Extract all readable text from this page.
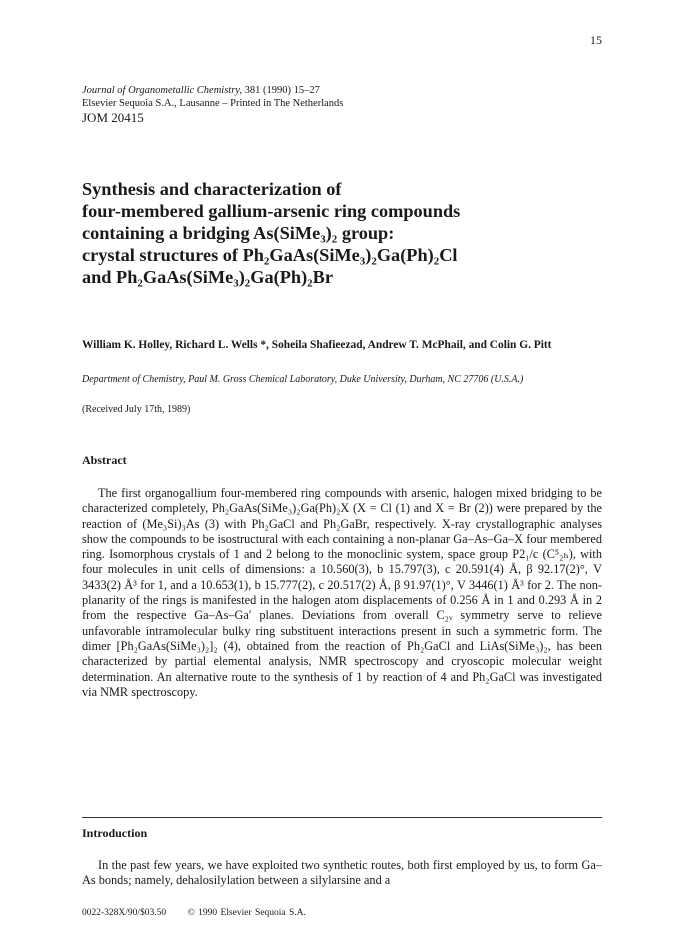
15
Journal of Organometallic Chemistry, 381 (1990) 15–27
Elsevier Sequoia S.A., Lausanne – Printed in The Netherlands
JOM 20415
Synthesis and characterization of
four-membered gallium-arsenic ring compounds
containing a bridging As(SiMe₃)₂ group:
crystal structures of Ph₂GaAs(SiMe₃)₂Ga(Ph)₂Cl
and Ph₂GaAs(SiMe₃)₂Ga(Ph)₂Br
William K. Holley, Richard L. Wells *, Soheila Shafieezad, Andrew T. McPhail, and Colin G. Pitt
Department of Chemistry, Paul M. Gross Chemical Laboratory, Duke University, Durham, NC 27706 (U.S.A.)
(Received July 17th, 1989)
Abstract

The first organogallium four-membered ring compounds with arsenic, halogen mixed bridging to be characterized completely, Ph₂GaAs(SiMe₃)₂Ga(Ph)₂X (X = Cl (1) and X = Br (2)) were prepared by the reaction of (Me₃Si)₃As (3) with Ph₂GaCl and Ph₂GaBr, respectively. X-ray crystallographic analyses show the compounds to be isostructural with each containing a non-planar Ga–As–Ga–X four membered ring. Isomorphous crystals of 1 and 2 belong to the monoclinic system, space group P2₁/c (C⁵₂ₕ), with four molecules in unit cells of dimensions: a 10.560(3), b 15.797(3), c 20.591(4) Å, β 92.17(2)°, V 3433(2) Å³ for 1, and a 10.653(1), b 15.777(2), c 20.517(2) Å, β 91.97(1)°, V 3446(1) Å³ for 2. The non-planarity of the rings is manifested in the halogen atom displacements of 0.256 Å in 1 and 0.293 Å in 2 from the respective Ga–As–Ga′ planes. Deviations from overall C₂ᵥ symmetry serve to relieve unfavorable intramolecular bulky ring substituent interactions present in such a symmetric form. The dimer [Ph₂GaAs(SiMe₃)₂]₂ (4), obtained from the reaction of Ph₂GaCl and LiAs(SiMe₃)₂, has been characterized by partial elemental analysis, NMR spectroscopy and cryoscopic molecular weight determination. An alternative route to the synthesis of 1 by reaction of 4 and Ph₂GaCl was investigated via NMR spectroscopy.

Introduction

In the past few years, we have exploited two synthetic routes, both first employed by us, to form Ga–As bonds; namely, dehalosilylation between a silylarsine and a

0022-328X/90/$03.50 © 1990 Elsevier Sequoia S.A.
